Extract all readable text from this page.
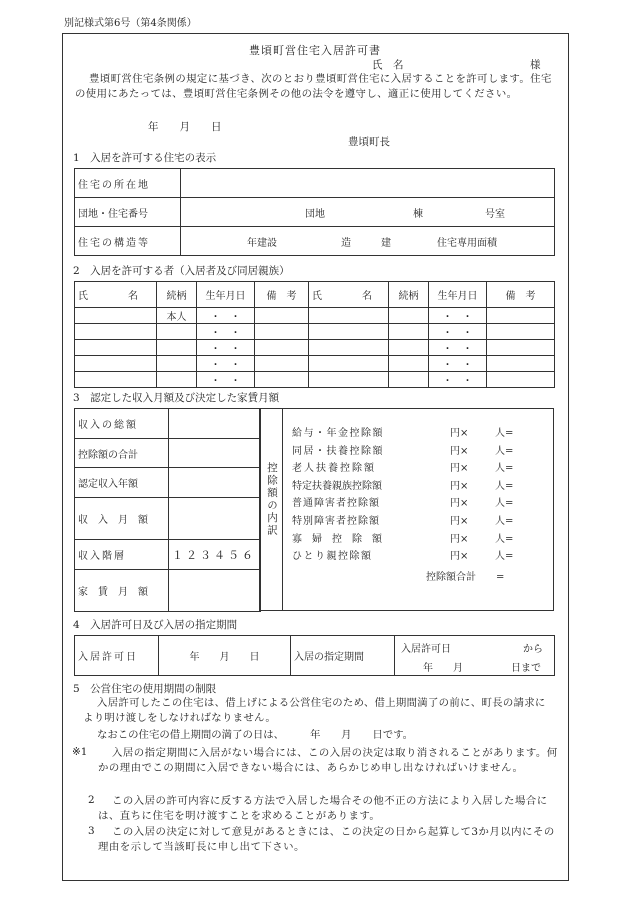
別記様式第6号（第4条関係）
豊頃町営住宅入居許可書
氏　名	様
豊頃町営住宅条例の規定に基づき、次のとおり豊頃町営住宅に入居することを許可します。住宅の使用にあたっては、豊頃町営住宅条例その他の法令を遵守し、適正に使用してください。
年　　月　　日
豊頃町長
1　入居を許可する住宅の表示
住宅の所在地	
団地・住宅番号	団地 棟 号室

住宅の構造等	年建設 造 建 住宅専用面積
2　入居を許可する者（入居者及び同居親族）
氏　　　　名	続柄	生年月日	備　考	氏　　　　名	続柄	生年月日	備　考
	本人	・　・				・　・	
		・　・				・　・	
		・　・				・　・	
		・　・				・　・	
		・　・				・　・	
3　認定した収入月額及び決定した家賃月額
収入の総額	
控除額の合計	
認定収入年額	
収　入　月　額	
収入階層	１２３４５６
家　賃　月　額	
控除額の内訳
給与・年金控除額	円×	人=
同居・扶養控除額	円×	人=
老人扶養控除額	円×	人=
特定扶養親族控除額	円×	人=
普通障害者控除額	円×	人=
特別障害者控除額	円×	人=
寡　婦　控　除　額	円×	人=
ひとり親控除額	円×	人=
控除額合計　　=
4　入居許可日及び入居の指定期間
入居許可日	年　　月　　日	入居の指定期間	
入居許可日	から
年　　月	日まで
5　公営住宅の使用期間の制限
入居許可したこの住宅は、借上げによる公営住宅のため、借上期間満了の前に、町長の請求により明け渡しをしなければなりません。
なおこの住宅の借上期間の満了の日は、　　　年　　月　　日です。
※1	入居の指定期間に入居がない場合には、この入居の決定は取り消されることがあります。何かの理由でこの期間に入居できない場合には、あらかじめ申し出なければいけません。
2	この入居の許可内容に反する方法で入居した場合その他不正の方法により入居した場合には、直ちに住宅を明け渡すことを求めることがあります。
3	この入居の決定に対して意見があるときには、この決定の日から起算して3か月以内にその理由を示して当該町長に申し出て下さい。
